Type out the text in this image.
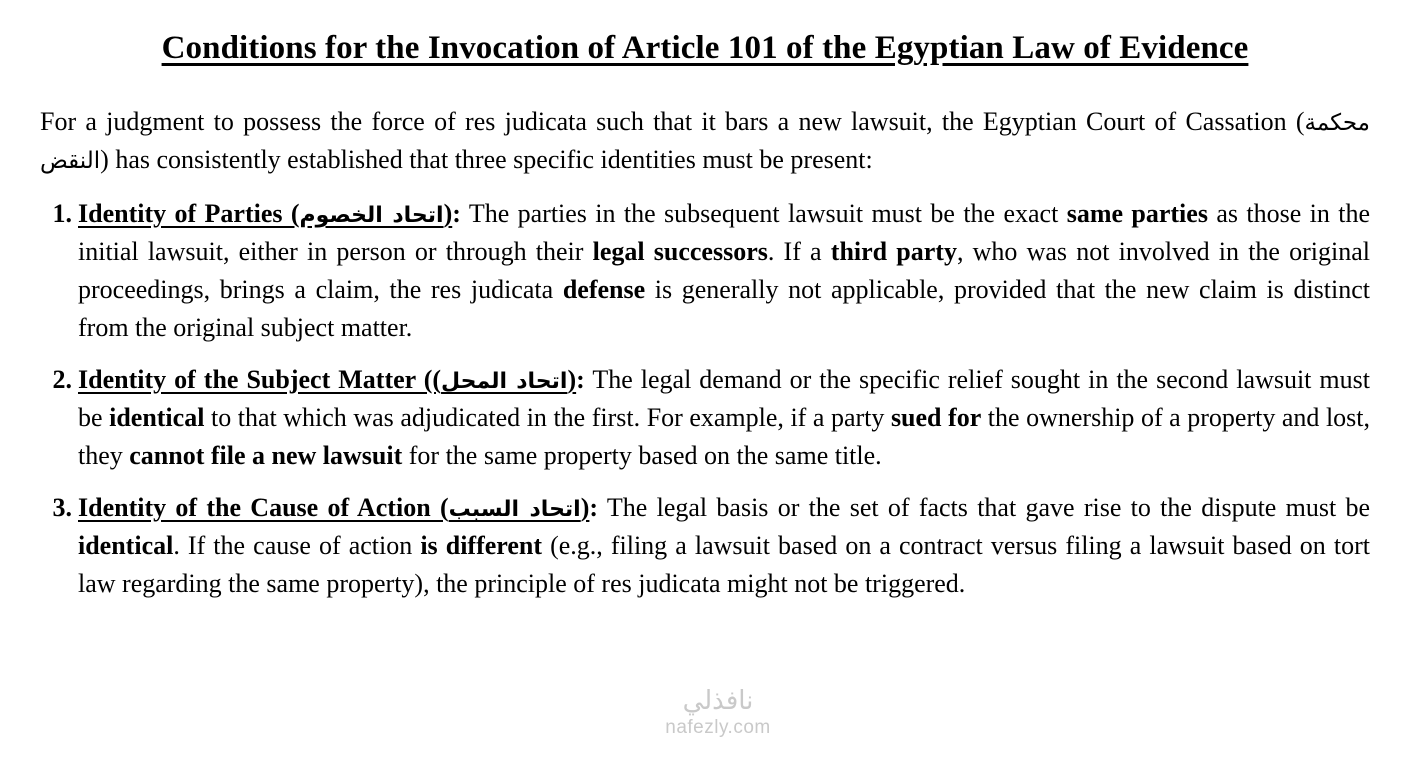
Conditions for the Invocation of Article 101 of the Egyptian Law of Evidence

For a judgment to possess the force of res judicata such that it bars a new lawsuit, the Egyptian Court of Cassation (محكمة النقض) has consistently established that three specific identities must be present:

1. Identity of Parties (اتحاد الخصوم): The parties in the subsequent lawsuit must be the exact same parties as those in the initial lawsuit, either in person or through their legal successors. If a third party, who was not involved in the original proceedings, brings a claim, the res judicata defense is generally not applicable, provided that the new claim is distinct from the original subject matter.
2. Identity of the Subject Matter ((اتحاد المحل): The legal demand or the specific relief sought in the second lawsuit must be identical to that which was adjudicated in the first. For example, if a party sued for the ownership of a property and lost, they cannot file a new lawsuit for the same property based on the same title.
3. Identity of the Cause of Action (اتحاد السبب): The legal basis or the set of facts that gave rise to the dispute must be identical. If the cause of action is different (e.g., filing a lawsuit based on a contract versus filing a lawsuit based on tort law regarding the same property), the principle of res judicata might not be triggered.
نافذلي
nafezly.com
